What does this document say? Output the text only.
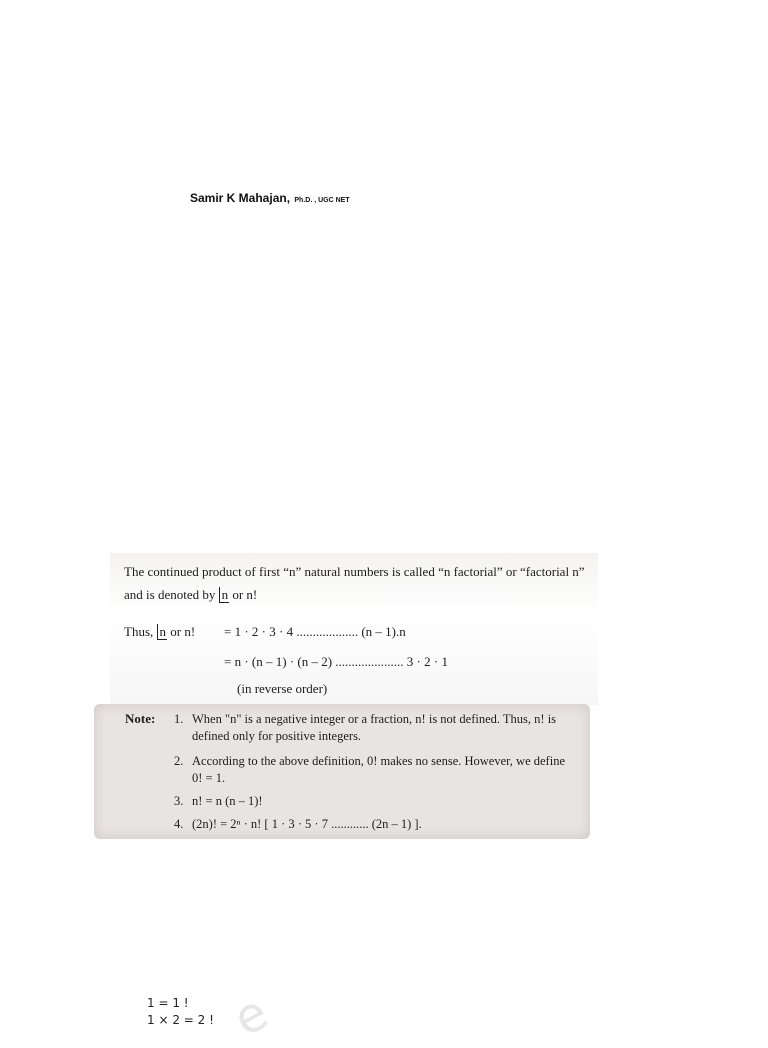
Samir K Mahajan, Ph.D. , UGC NET
The continued product of first “n” natural numbers is called “n factorial” or “factorial n”
and is denoted by n or n!
Thus, n or n! = 1 · 2 · 3 · 4 ................... (n – 1).n
= n · (n – 1) · (n – 2) ..................... 3 · 2 · 1
(in reverse order)
Note: 1. When "n" is a negative integer or a fraction, n! is not defined. Thus, n! is
defined only for positive integers.
2. According to the above definition, 0! makes no sense. However, we define
0! = 1.
3. n! = n (n – 1)!
4. (2n)! = 2ⁿ · n! [ 1 · 3 · 5 · 7 ............ (2n – 1) ].
e
1 = 1 !
1 × 2 = 2 !
